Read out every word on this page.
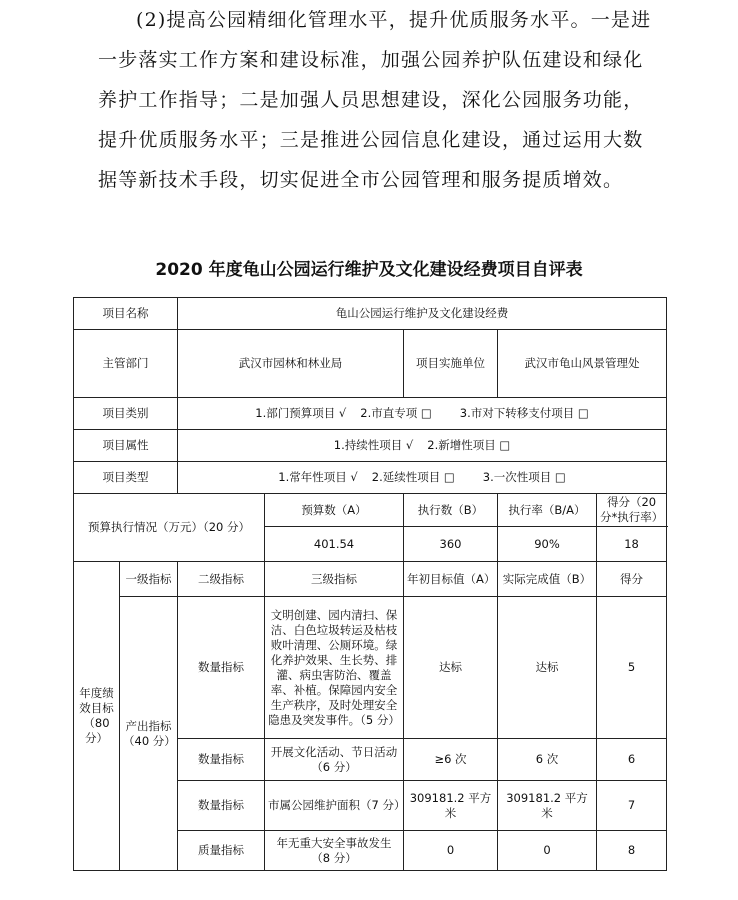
(2)提高公园精细化管理水平，提升优质服务水平。一是进
一步落实工作方案和建设标准，加强公园养护队伍建设和绿化
养护工作指导；二是加强人员思想建设，深化公园服务功能，
提升优质服务水平；三是推进公园信息化建设，通过运用大数
据等新技术手段，切实促进全市公园管理和服务提质增效。
2020 年度龟山公园运行维护及文化建设经费项目自评表
项目名称		龟山公园运行维护及文化建设经费				
主管部门		武汉市园林和林业局		项目实施单位	武汉市龟山风景管理处	
项目类别		1.部门预算项目 √ 2.市直专项 □ 3.市对下转移支付项目 □				
项目属性		1.持续性项目 √ 2.新增性项目 □				
项目类型		1.常年性项目 √ 2.延续性项目 □ 3.一次性项目 □				
预算执行情况（万元）（20 分）			预算数（A）	执行数（B）	执行率（B/A）	得分（20 分*执行率）
			401.54	360	90%	18
年度绩效目标（80 分）	一级指标	二级指标	三级指标	年初目标值（A）	实际完成值（B）	得分
	产出指标（40 分）	数量指标	文明创建、园内清扫、保洁、白色垃圾转运及枯枝败叶清理、公厕环境。绿化养护效果、生长势、排灌、病虫害防治、覆盖率、补植。保障园内安全生产秩序，及时处理安全隐患及突发事件。（5 分）	达标	达标	5
		数量指标	开展文化活动、节日活动（6 分）	≥6 次	6 次	6
		数量指标	市属公园维护面积（7 分）	309181.2 平方米	309181.2 平方米	7
		质量指标	年无重大安全事故发生（8 分）	0	0	8
